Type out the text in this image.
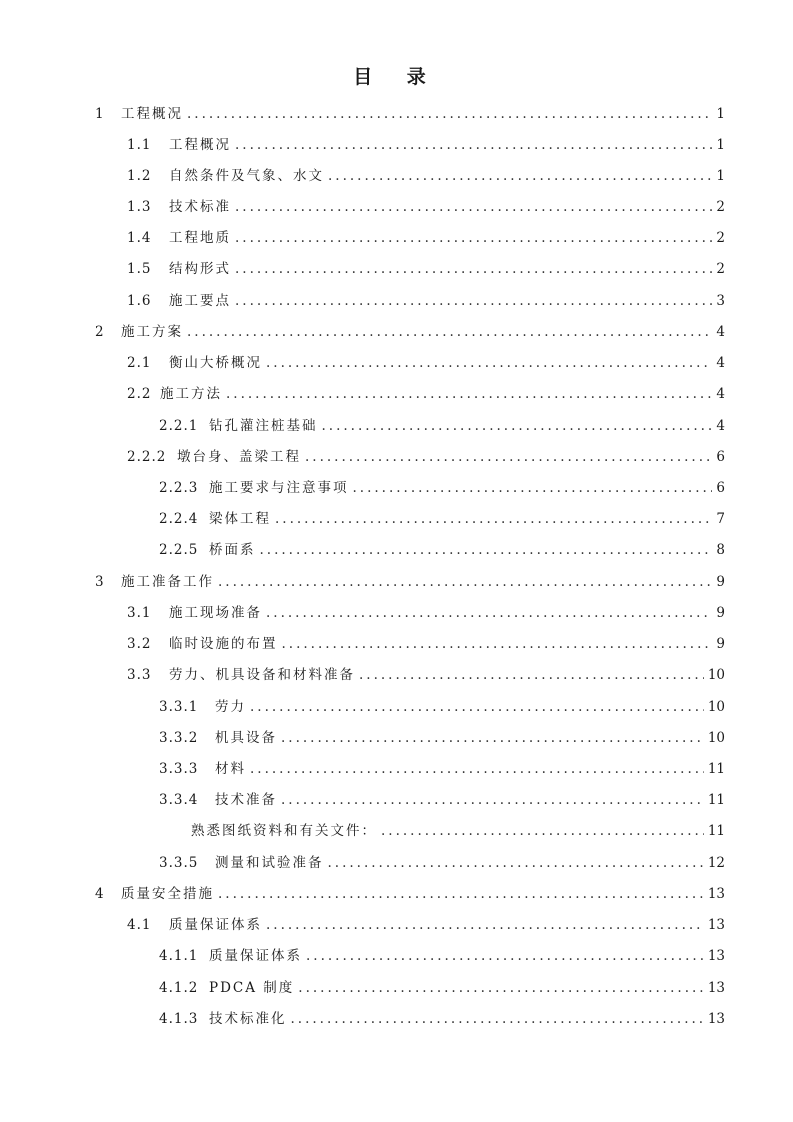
目 录
1	工程概况 .....	1
1.1	工程概况 .....	1
1.2	自然条件及气象、水文 .....	1
1.3	技术标准 .....	2
1.4	工程地质 .....	2
1.5	结构形式 .....	2
1.6	施工要点 .....	3
2	施工方案 .....	4
2.1	衡山大桥概况 .....	4
2.2 施工方法 .....	4
2.2.1 钻孔灌注桩基础 .....	4
2.2.2 墩台身、盖梁工程 .....	6
2.2.3 施工要求与注意事项 .....	6
2.2.4 梁体工程 .....	7
2.2.5 桥面系 .....	8
3	施工准备工作 .....	9
3.1	施工现场准备 .....	9
3.2	临时设施的布置 .....	9
3.3	劳力、机具设备和材料准备 .....	10
3.3.1	劳力 .....	10
3.3.2	机具设备 .....	10
3.3.3	材料 .....	11
3.3.4	技术准备 .....	11
熟悉图纸资料和有关文件： .....	11
3.3.5	测量和试验准备 .....	12
4	质量安全措施 .....	13
4.1	质量保证体系 .....	13
4.1.1 质量保证体系 .....	13
4.1.2 PDCA 制度 .....	13
4.1.3 技术标准化 .....	13
